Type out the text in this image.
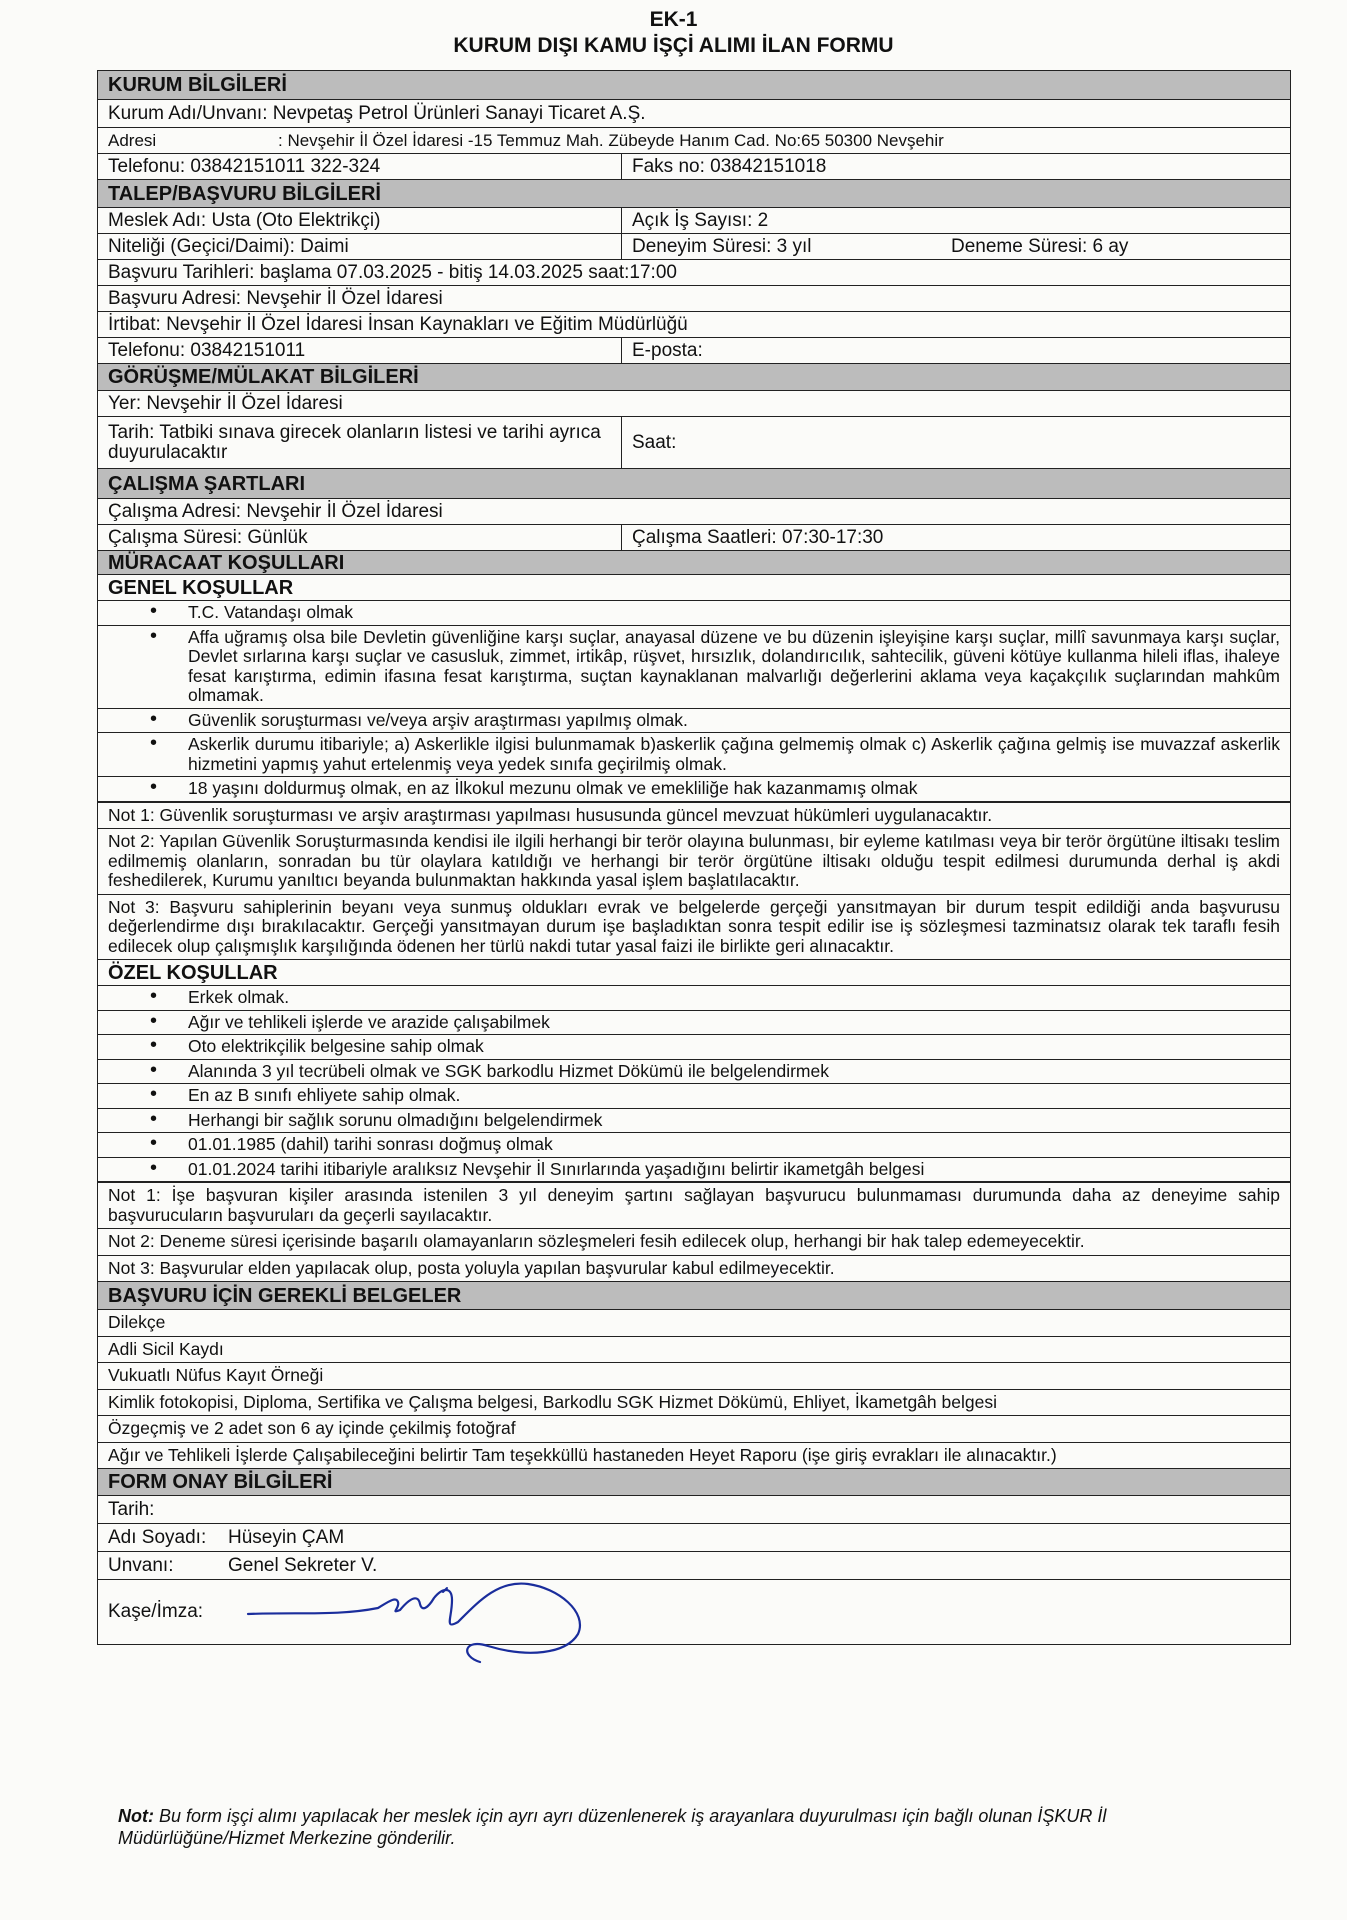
EK-1
KURUM DIŞI KAMU İŞÇİ ALIMI İLAN FORMU
KURUM BİLGİLERİ
Kurum Adı/Unvanı: Nevpetaş Petrol Ürünleri Sanayi Ticaret A.Ş.
Adresi	: Nevşehir İl Özel İdaresi -15 Temmuz Mah. Zübeyde Hanım Cad. No:65 50300 Nevşehir
Telefonu: 03842151011 322-324	Faks no: 03842151018
TALEP/BAŞVURU BİLGİLERİ
Meslek Adı: Usta (Oto Elektrikçi)	Açık İş Sayısı: 2
Niteliği (Geçici/Daimi): Daimi	Deneyim Süresi: 3 yıl	Deneme Süresi: 6 ay
Başvuru Tarihleri: başlama 07.03.2025 - bitiş 14.03.2025 saat:17:00
Başvuru Adresi: Nevşehir İl Özel İdaresi
İrtibat: Nevşehir İl Özel İdaresi İnsan Kaynakları ve Eğitim Müdürlüğü
Telefonu: 03842151011	E-posta:
GÖRÜŞME/MÜLAKAT BİLGİLERİ
Yer: Nevşehir İl Özel İdaresi
Tarih: Tatbiki sınava girecek olanların listesi ve tarihi ayrıca duyurulacaktır	Saat:
ÇALIŞMA ŞARTLARI
Çalışma Adresi: Nevşehir İl Özel İdaresi
Çalışma Süresi: Günlük	Çalışma Saatleri: 07:30-17:30
MÜRACAAT KOŞULLARI
GENEL KOŞULLAR
• T.C. Vatandaşı olmak
• Affa uğramış olsa bile Devletin güvenliğine karşı suçlar, anayasal düzene ve bu düzenin işleyişine karşı suçlar, millî savunmaya karşı suçlar, Devlet sırlarına karşı suçlar ve casusluk, zimmet, irtikâp, rüşvet, hırsızlık, dolandırıcılık, sahtecilik, güveni kötüye kullanma hileli iflas, ihaleye fesat karıştırma, edimin ifasına fesat karıştırma, suçtan kaynaklanan malvarlığı değerlerini aklama veya kaçakçılık suçlarından mahkûm olmamak.
• Güvenlik soruşturması ve/veya arşiv araştırması yapılmış olmak.
• Askerlik durumu itibariyle; a) Askerlikle ilgisi bulunmamak b)askerlik çağına gelmemiş olmak c) Askerlik çağına gelmiş ise muvazzaf askerlik hizmetini yapmış yahut ertelenmiş veya yedek sınıfa geçirilmiş olmak.
• 18 yaşını doldurmuş olmak, en az İlkokul mezunu olmak ve emekliliğe hak kazanmamış olmak
Not 1: Güvenlik soruşturması ve arşiv araştırması yapılması hususunda güncel mevzuat hükümleri uygulanacaktır.
Not 2: Yapılan Güvenlik Soruşturmasında kendisi ile ilgili herhangi bir terör olayına bulunması, bir eyleme katılması veya bir terör örgütüne iltisakı teslim edilmemiş olanların, sonradan bu tür olaylara katıldığı ve herhangi bir terör örgütüne iltisakı olduğu tespit edilmesi durumunda derhal iş akdi feshedilerek, Kurumu yanıltıcı beyanda bulunmaktan hakkında yasal işlem başlatılacaktır.
Not 3: Başvuru sahiplerinin beyanı veya sunmuş oldukları evrak ve belgelerde gerçeği yansıtmayan bir durum tespit edildiği anda başvurusu değerlendirme dışı bırakılacaktır. Gerçeği yansıtmayan durum işe başladıktan sonra tespit edilir ise iş sözleşmesi tazminatsız olarak tek taraflı fesih edilecek olup çalışmışlık karşılığında ödenen her türlü nakdi tutar yasal faizi ile birlikte geri alınacaktır.
ÖZEL KOŞULLAR
• Erkek olmak.
• Ağır ve tehlikeli işlerde ve arazide çalışabilmek
• Oto elektrikçilik belgesine sahip olmak
• Alanında 3 yıl tecrübeli olmak ve SGK barkodlu Hizmet Dökümü ile belgelendirmek
• En az B sınıfı ehliyete sahip olmak.
• Herhangi bir sağlık sorunu olmadığını belgelendirmek
• 01.01.1985 (dahil) tarihi sonrası doğmuş olmak
• 01.01.2024 tarihi itibariyle aralıksız Nevşehir İl Sınırlarında yaşadığını belirtir ikametgâh belgesi
Not 1: İşe başvuran kişiler arasında istenilen 3 yıl deneyim şartını sağlayan başvurucu bulunmaması durumunda daha az deneyime sahip başvurucuların başvuruları da geçerli sayılacaktır.
Not 2: Deneme süresi içerisinde başarılı olamayanların sözleşmeleri fesih edilecek olup, herhangi bir hak talep edemeyecektir.
Not 3: Başvurular elden yapılacak olup, posta yoluyla yapılan başvurular kabul edilmeyecektir.
BAŞVURU İÇİN GEREKLİ BELGELER
Dilekçe
Adli Sicil Kaydı
Vukuatlı Nüfus Kayıt Örneği
Kimlik fotokopisi, Diploma, Sertifika ve Çalışma belgesi, Barkodlu SGK Hizmet Dökümü, Ehliyet, İkametgâh belgesi
Özgeçmiş ve 2 adet son 6 ay içinde çekilmiş fotoğraf
Ağır ve Tehlikeli İşlerde Çalışabileceğini belirtir Tam teşekküllü hastaneden Heyet Raporu (işe giriş evrakları ile alınacaktır.)
FORM ONAY BİLGİLERİ
Tarih:
Adı Soyadı:	Hüseyin ÇAM
Unvanı:	Genel Sekreter V.
Kaşe/İmza:
Not: Bu form işçi alımı yapılacak her meslek için ayrı ayrı düzenlenerek iş arayanlara duyurulması için bağlı olunan İŞKUR İl Müdürlüğüne/Hizmet Merkezine gönderilir.
